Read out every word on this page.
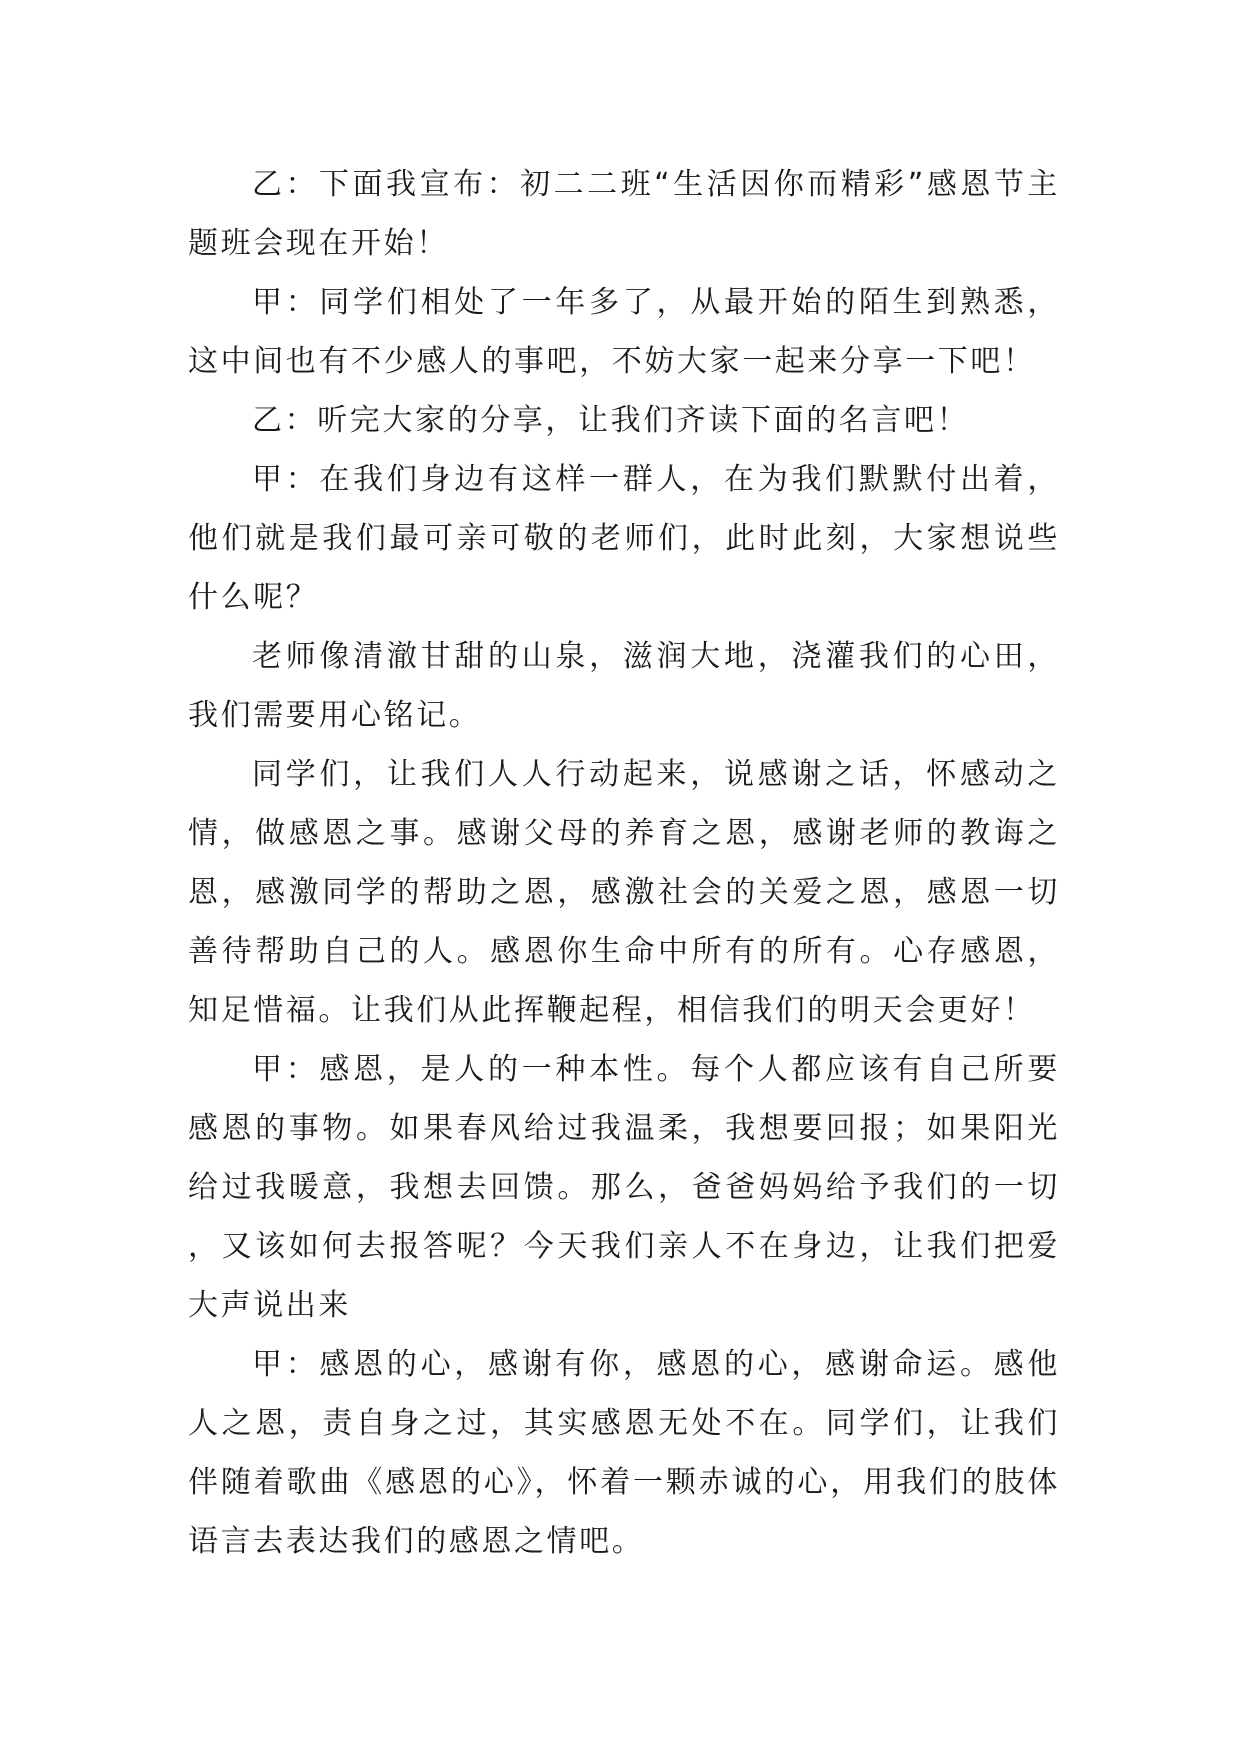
乙：下面我宣布：初二二班“生活因你而精彩”感恩节主题班会现在开始！

甲：同学们相处了一年多了，从最开始的陌生到熟悉，这中间也有不少感人的事吧，不妨大家一起来分享一下吧！

乙：听完大家的分享，让我们齐读下面的名言吧！

甲：在我们身边有这样一群人，在为我们默默付出着，他们就是我们最可亲可敬的老师们，此时此刻，大家想说些什么呢？

老师像清澈甘甜的山泉，滋润大地，浇灌我们的心田，我们需要用心铭记。

同学们，让我们人人行动起来，说感谢之话，怀感动之情，做感恩之事。感谢父母的养育之恩，感谢老师的教诲之恩，感激同学的帮助之恩，感激社会的关爱之恩，感恩一切善待帮助自己的人。感恩你生命中所有的所有。心存感恩，知足惜福。让我们从此挥鞭起程，相信我们的明天会更好！

甲：感恩，是人的一种本性。每个人都应该有自己所要感恩的事物。如果春风给过我温柔，我想要回报；如果阳光给过我暖意，我想去回馈。那么，爸爸妈妈给予我们的一切，又该如何去报答呢？今天我们亲人不在身边，让我们把爱大声说出来

甲：感恩的心，感谢有你，感恩的心，感谢命运。感他人之恩，责自身之过，其实感恩无处不在。同学们，让我们伴随着歌曲《感恩的心》，怀着一颗赤诚的心，用我们的肢体语言去表达我们的感恩之情吧。
